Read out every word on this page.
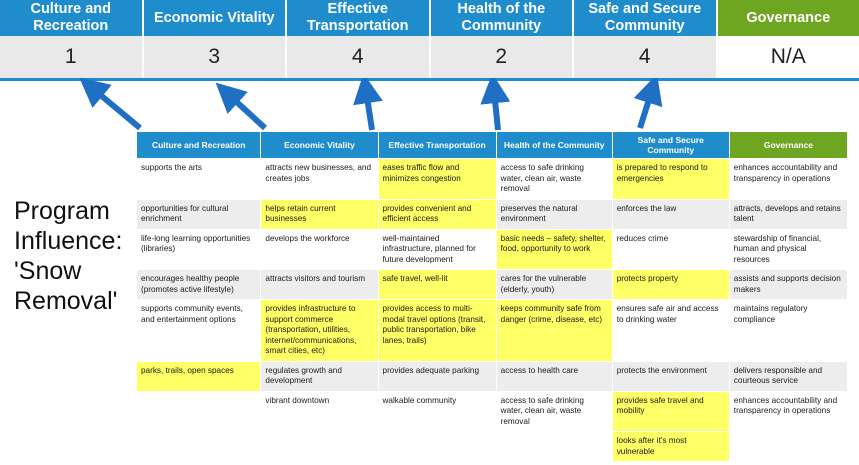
Culture and Recreation
Economic Vitality
Effective Transportation
Health of the Community
Safe and Secure Community
Governance
1	3	4	2	4	N/A
Program
Influence:
'Snow
Removal'
Culture and Recreation	Economic Vitality	Effective Transportation	Health of the Community	Safe and Secure Community	Governance
supports the arts	attracts new businesses, and creates jobs	eases traffic flow and minimizes congestion	access to safe drinking water, clean air, waste removal	is prepared to respond to emergencies	enhances accountability and transparency in operations
opportunities for cultural enrichment	helps retain current businesses	provides convenient and efficient access	preserves the natural environment	enforces the law	attracts, develops and retains talent
life-long learning opportunities (libraries)	develops the workforce	well-maintained infrastructure, planned for future development	basic needs – safety, shelter, food, opportunity to work	reduces crime	stewardship of financial, human and physical resources
encourages healthy people (promotes active lifestyle)	attracts visitors and tourism	safe travel, well-lit	cares for the vulnerable (elderly, youth)	protects property	assists and supports decision makers
supports community events, and entertainment options	provides infrastructure to support commerce (transportation, utilities, internet/communications, smart cities, etc)	provides access to multi-modal travel options (transit, public transportation, bike lanes, trails)	keeps community safe from danger (crime, disease, etc)	ensures safe air and access to drinking water	maintains regulatory compliance
parks, trails, open spaces	regulates growth and development	provides adequate parking	access to health care	protects the environment	delivers responsible and courteous service
	vibrant downtown	walkable community	access to safe drinking water, clean air, waste removal	provides safe travel and mobility	enhances accountability and transparency in operations
				looks after it's most vulnerable	
